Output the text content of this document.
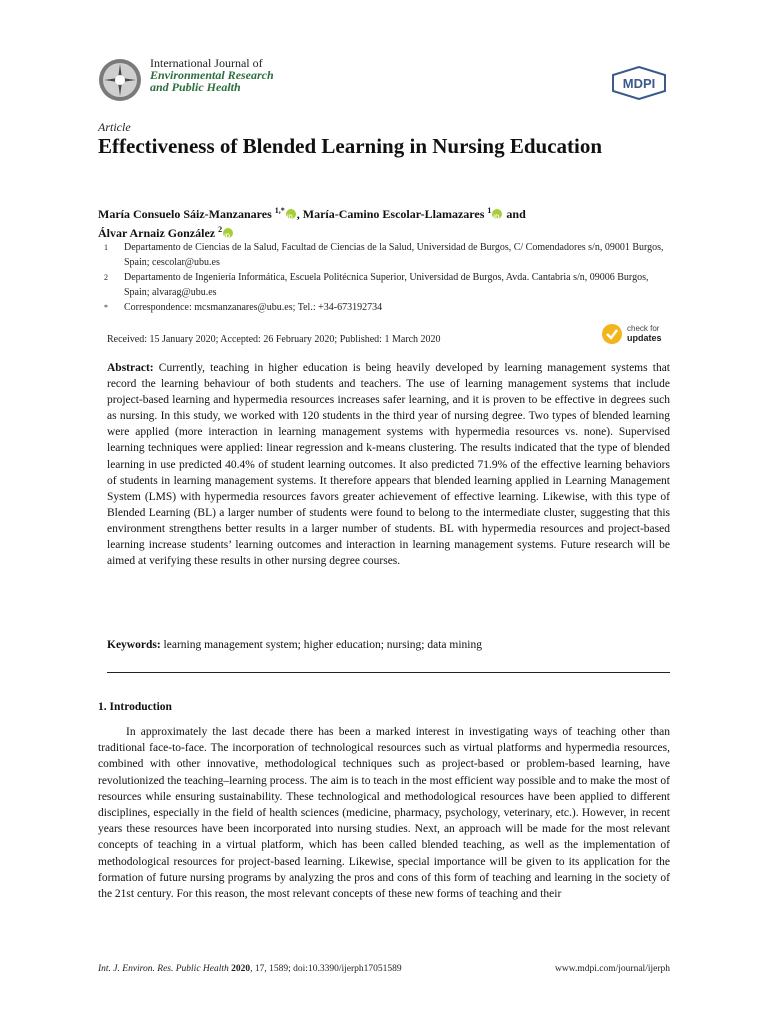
International Journal of
Environmental Research
and Public Health	MDPI
Article
Effectiveness of Blended Learning in Nursing Education
María Consuelo Sáiz-Manzanares $^{1,*}$ iD , María-Camino Escolar-Llamazares $^1$ iD and
Álvar Arnaiz González $^2$iD
1	Departamento de Ciencias de la Salud, Facultad de Ciencias de la Salud, Universidad de Burgos, C/ Comendadores s/n, 09001 Burgos, Spain; cescolar@ubu.es
2	Departamento de Ingeniería Informática, Escuela Politécnica Superior, Universidad de Burgos, Avda. Cantabria s/n, 09006 Burgos, Spain; alvarag@ubu.es
*	Correspondence: mcsmanzanares@ubu.es; Tel.: +34-673192734
Received: 15 January 2020; Accepted: 26 February 2020; Published: 1 March 2020
check for
updates

Abstract: Currently, teaching in higher education is being heavily developed by learning management systems that record the learning behaviour of both students and teachers. The use of learning management systems that include project-based learning and hypermedia resources increases safer learning, and it is proven to be effective in degrees such as nursing. In this study, we worked with 120 students in the third year of nursing degree. Two types of blended learning were applied (more interaction in learning management systems with hypermedia resources vs. none). Supervised learning techniques were applied: linear regression and k-means clustering. The results indicated that the type of blended learning in use predicted 40.4% of student learning outcomes. It also predicted 71.9% of the effective learning behaviors of students in learning management systems. It therefore appears that blended learning applied in Learning Management System (LMS) with hypermedia resources favors greater achievement of effective learning. Likewise, with this type of Blended Learning (BL) a larger number of students were found to belong to the intermediate cluster, suggesting that this environment strengthens better results in a larger number of students. BL with hypermedia resources and project-based learning increase students’ learning outcomes and interaction in learning management systems. Future research will be aimed at verifying these results in other nursing degree courses.

Keywords: learning management system; higher education; nursing; data mining

1. Introduction

In approximately the last decade there has been a marked interest in investigating ways of teaching other than traditional face-to-face. The incorporation of technological resources such as virtual platforms and hypermedia resources, combined with other innovative, methodological techniques such as project-based or problem-based learning, have revolutionized the teaching–learning process. The aim is to teach in the most efficient way possible and to make the most of resources while ensuring sustainability. These technological and methodological resources have been applied to different disciplines, especially in the field of health sciences (medicine, pharmacy, psychology, veterinary, etc.). However, in recent years these resources have been incorporated into nursing studies. Next, an approach will be made for the most relevant concepts of teaching in a virtual platform, which has been called blended teaching, as well as the implementation of methodological resources for project-based learning. Likewise, special importance will be given to its application for the formation of future nursing programs by analyzing the pros and cons of this form of teaching and learning in the society of the 21st century. For this reason, the most relevant concepts of these new forms of teaching and their

Int. J. Environ. Res. Public Health 2020, 17, 1589; doi:10.3390/ijerph17051589	www.mdpi.com/journal/ijerph
